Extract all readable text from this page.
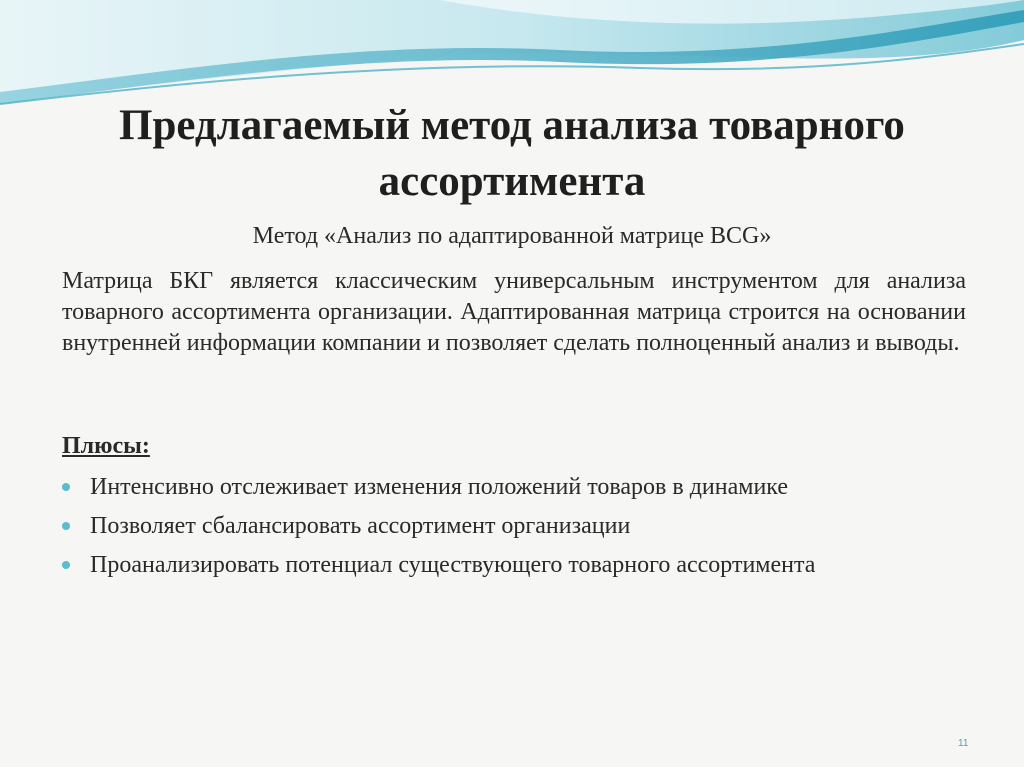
Предлагаемый метод анализа товарного ассортимента

Метод «Анализ по адаптированной матрице BCG»

Матрица БКГ является классическим универсальным инструментом для анализа товарного ассортимента организации. Адаптированная матрица строится на основании внутренней информации компании и позволяет сделать полноценный анализ и выводы.

Плюсы:

Интенсивно отслеживает изменения положений товаров в динамике
Позволяет сбалансировать ассортимент организации
Проанализировать потенциал существующего товарного ассортимента
11
